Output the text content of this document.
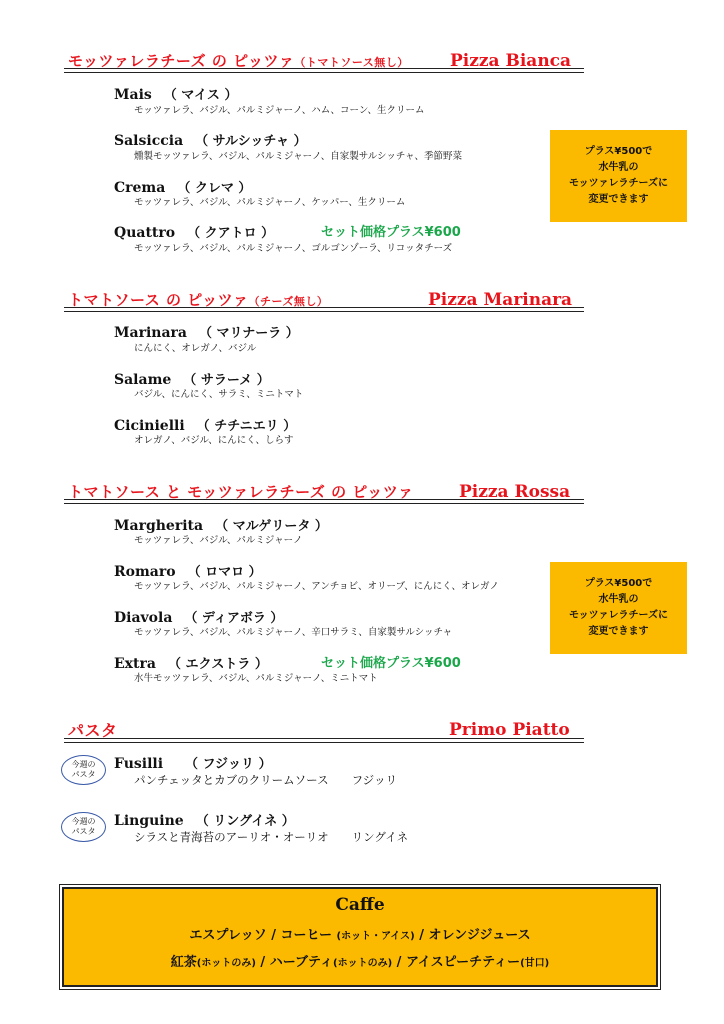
モッツァレラチーズ の ピッツァ（トマトソース無し） Pizza Bianca
Mais （ マイス ）
モッツァレラ、バジル、パルミジャーノ、ハム、コーン、生クリーム
Salsiccia （ サルシッチャ ）
燻製モッツァレラ、バジル、パルミジャーノ、自家製サルシッチャ、季節野菜
Crema （ クレマ ）
モッツァレラ、バジル、パルミジャーノ、ケッパー、生クリーム
Quattro （ クアトロ ）	セット価格プラス¥600
モッツァレラ、バジル、パルミジャーノ、ゴルゴンゾーラ、リコッタチーズ
プラス¥500で
水牛乳の
モッツァレラチーズに
変更できます
トマトソース の ピッツァ（チーズ無し）	Pizza Marinara
Marinara （ マリナーラ ）
にんにく、オレガノ、バジル
Salame （ サラーメ ）
バジル、にんにく、サラミ、ミニトマト
Cicinielli （ チチニエリ ）
オレガノ、バジル、にんにく、しらす
トマトソース と モッツァレラチーズ の ピッツァ	Pizza Rossa
Margherita （ マルゲリータ ）
モッツァレラ、バジル、パルミジャーノ
Romaro （ ロマロ ）
モッツァレラ、バジル、パルミジャーノ、アンチョビ、オリーブ、にんにく、オレガノ
Diavola （ ディアボラ ）
モッツァレラ、バジル、パルミジャーノ、辛口サラミ、自家製サルシッチャ
Extra （ エクストラ ）	セット価格プラス¥600
水牛モッツァレラ、バジル、パルミジャーノ、ミニトマト
プラス¥500で
水牛乳の
モッツァレラチーズに
変更できます
パスタ	Primo Piatto
今週の
パスタ
Fusilli （ フジッリ ）
パンチェッタとカブのクリームソース　　フジッリ
今週の
パスタ
Linguine （ リングイネ ）
シラスと青海苔のアーリオ・オーリオ　　リングイネ
Caffe
エスプレッソ / コーヒー (ホット・アイス) / オレンジジュース
紅茶(ホットのみ) / ハーブティ(ホットのみ) / アイスピーチティー(甘口)
